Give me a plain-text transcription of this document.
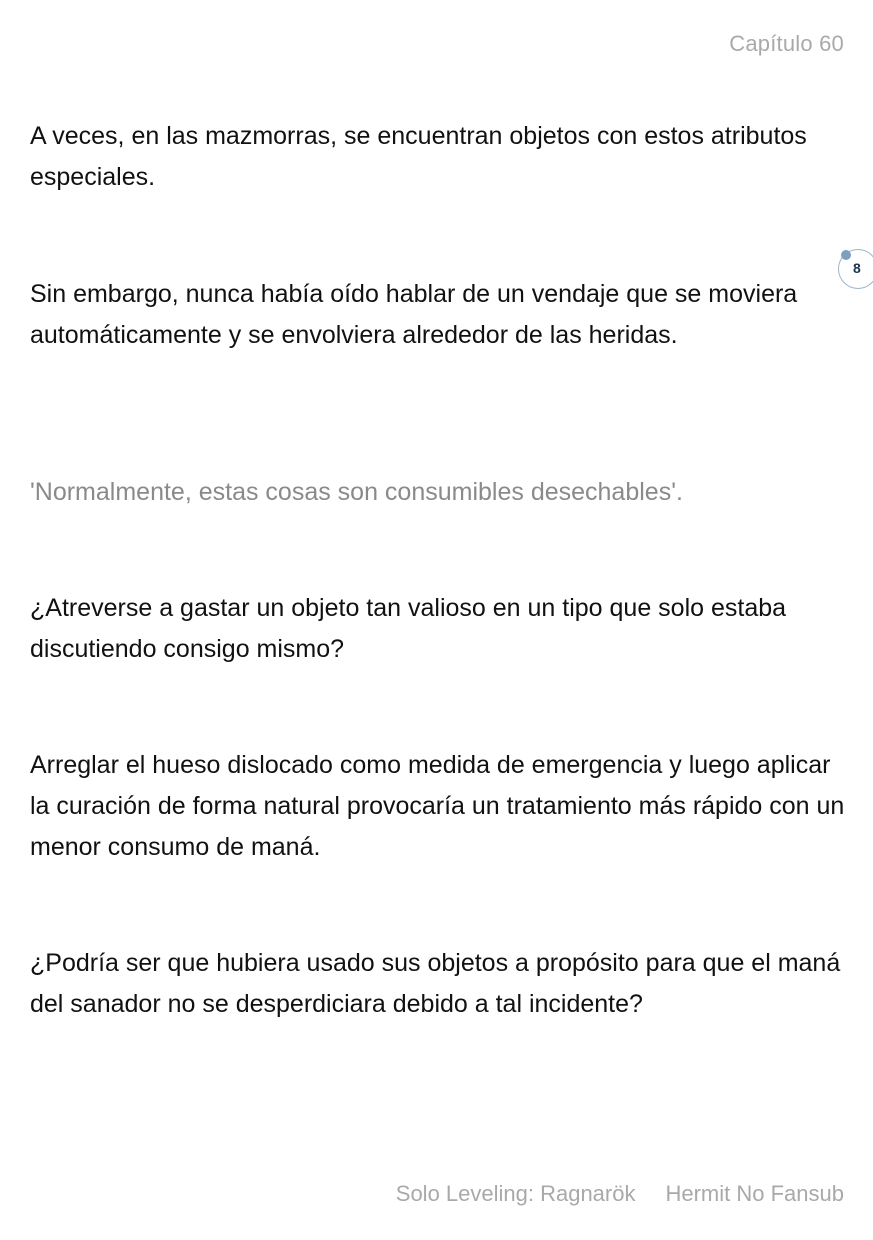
Capítulo 60

A veces, en las mazmorras, se encuentran objetos con estos atributos especiales.

Sin embargo, nunca había oído hablar de un vendaje que se moviera automáticamente y se envolviera alrededor de las heridas.

'Normalmente, estas cosas son consumibles desechables'.

¿Atreverse a gastar un objeto tan valioso en un tipo que solo estaba discutiendo consigo mismo?

Arreglar el hueso dislocado como medida de emergencia y luego aplicar la curación de forma natural provocaría un tratamiento más rápido con un menor consumo de maná.

¿Podría ser que hubiera usado sus objetos a propósito para que el maná del sanador no se desperdiciara debido a tal incidente?

8
Solo Leveling: Ragnarök Hermit No Fansub
